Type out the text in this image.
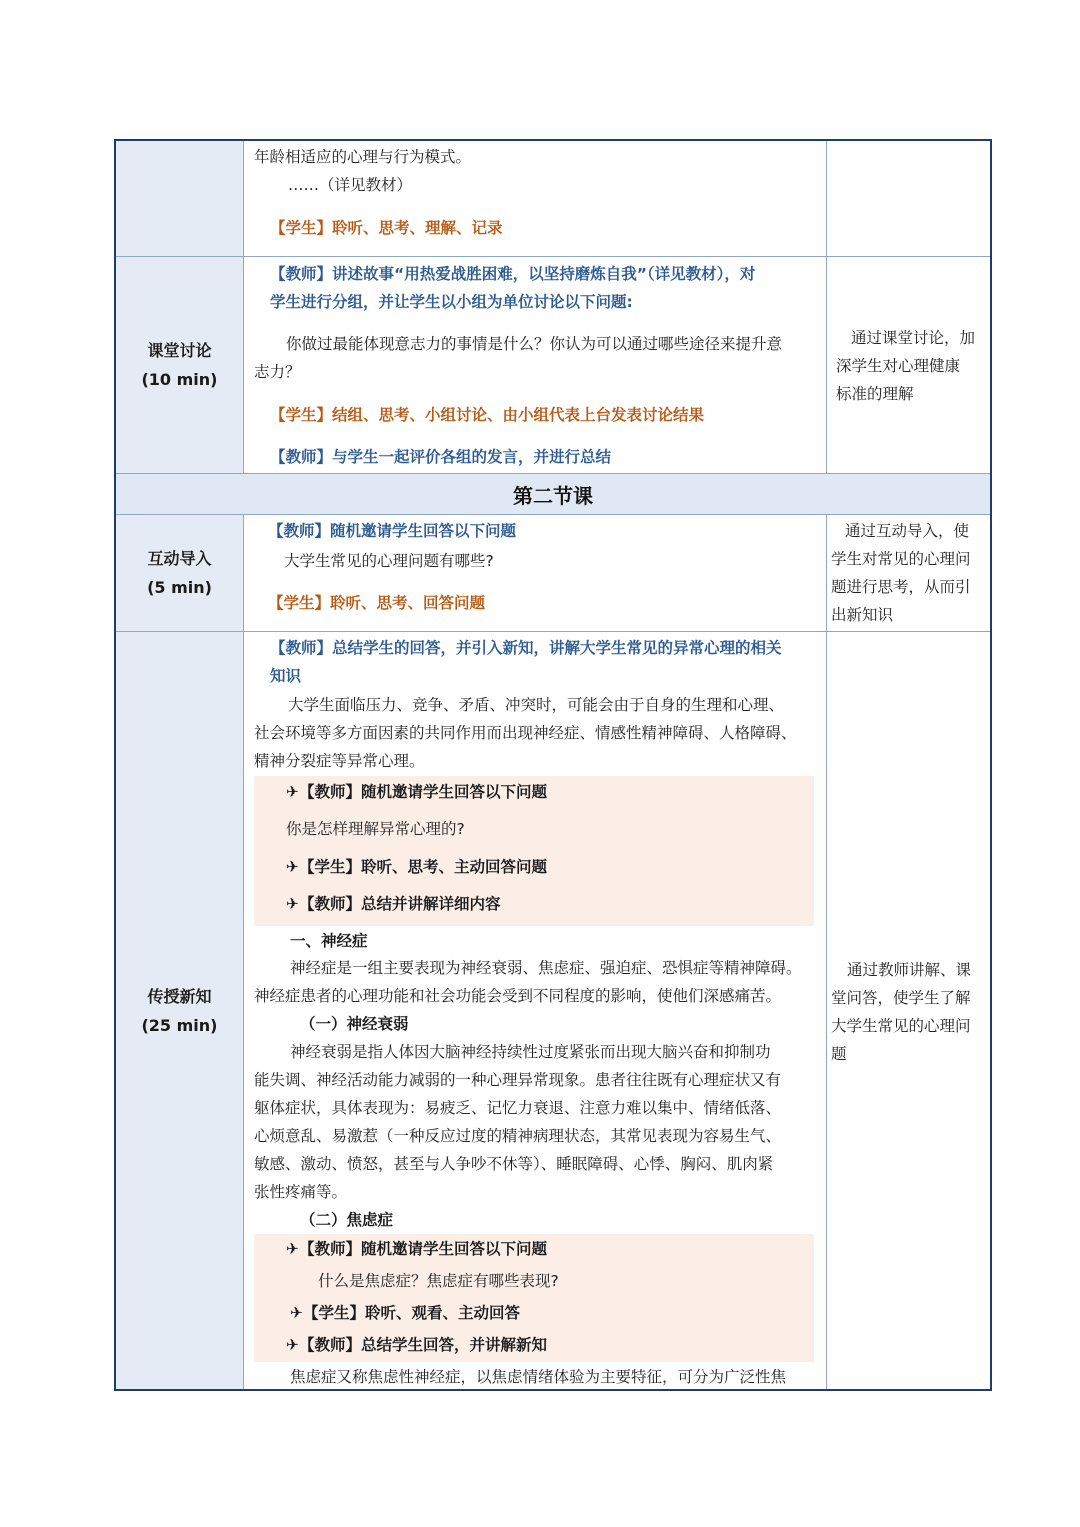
年龄相适应的心理与行为模式。
……（详见教材）
【学生】聆听、思考、理解、记录
课堂讨论
(10 min)
【教师】讲述故事“用热爱战胜困难，以坚持磨炼自我”（详见教材），对
学生进行分组，并让学生以小组为单位讨论以下问题:
你做过最能体现意志力的事情是什么？你认为可以通过哪些途径来提升意
志力？
【学生】结组、思考、小组讨论、由小组代表上台发表讨论结果
【教师】与学生一起评价各组的发言，并进行总结
通过课堂讨论，加
深学生对心理健康
标准的理解
第二节课
互动导入
(5 min)
【教师】随机邀请学生回答以下问题
大学生常见的心理问题有哪些?
【学生】聆听、思考、回答问题
通过互动导入，使
学生对常见的心理问
题进行思考，从而引
出新知识
传授新知
(25 min)
【教师】总结学生的回答，并引入新知，讲解大学生常见的异常心理的相关
知识
大学生面临压力、竞争、矛盾、冲突时，可能会由于自身的生理和心理、
社会环境等多方面因素的共同作用而出现神经症、情感性精神障碍、人格障碍、
精神分裂症等异常心理。
✈【教师】随机邀请学生回答以下问题
你是怎样理解异常心理的?
✈【学生】聆听、思考、主动回答问题
✈【教师】总结并讲解详细内容
一、神经症
神经症是一组主要表现为神经衰弱、焦虑症、强迫症、恐惧症等精神障碍。
神经症患者的心理功能和社会功能会受到不同程度的影响，使他们深感痛苦。
（一）神经衰弱
神经衰弱是指人体因大脑神经持续性过度紧张而出现大脑兴奋和抑制功
能失调、神经活动能力减弱的一种心理异常现象。患者往往既有心理症状又有
躯体症状，具体表现为：易疲乏、记忆力衰退、注意力难以集中、情绪低落、
心烦意乱、易激惹（一种反应过度的精神病理状态，其常见表现为容易生气、
敏感、激动、愤怒，甚至与人争吵不休等）、睡眠障碍、心悸、胸闷、肌肉紧
张性疼痛等。
（二）焦虑症
✈【教师】随机邀请学生回答以下问题
什么是焦虑症？焦虑症有哪些表现?
✈【学生】聆听、观看、主动回答
✈【教师】总结学生回答，并讲解新知
焦虑症又称焦虑性神经症，以焦虑情绪体验为主要特征，可分为广泛性焦
通过教师讲解、课
堂问答，使学生了解
大学生常见的心理问
题
